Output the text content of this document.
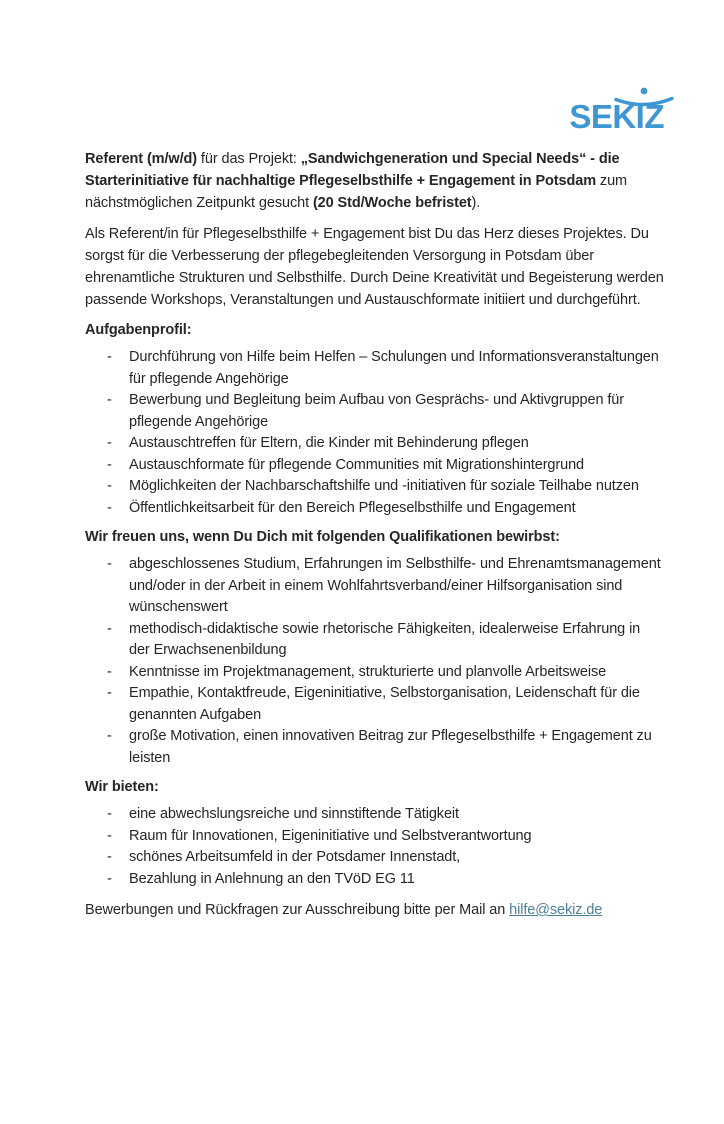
SEKIZ

Referent (m/w/d) für das Projekt: „Sandwichgeneration und Special Needs“ - die Starterinitiative für nachhaltige Pflegeselbsthilfe + Engagement in Potsdam zum nächstmöglichen Zeitpunkt gesucht (20 Std/Woche befristet).

Als Referent/in für Pflegeselbsthilfe + Engagement bist Du das Herz dieses Projektes. Du sorgst für die Verbesserung der pflegebegleitenden Versorgung in Potsdam über ehrenamtliche Strukturen und Selbsthilfe. Durch Deine Kreativität und Begeisterung werden passende Workshops, Veranstaltungen und Austauschformate initiiert und durchgeführt.

Aufgabenprofil:
-	Durchführung von Hilfe beim Helfen – Schulungen und Informationsveranstaltungen für pflegende Angehörige
-	Bewerbung und Begleitung beim Aufbau von Gesprächs- und Aktivgruppen für pflegende Angehörige
-	Austauschtreffen für Eltern, die Kinder mit Behinderung pflegen
-	Austauschformate für pflegende Communities mit Migrationshintergrund
-	Möglichkeiten der Nachbarschaftshilfe und -initiativen für soziale Teilhabe nutzen
-	Öffentlichkeitsarbeit für den Bereich Pflegeselbsthilfe und Engagement
Wir freuen uns, wenn Du Dich mit folgenden Qualifikationen bewirbst:
-	abgeschlossenes Studium, Erfahrungen im Selbsthilfe- und Ehrenamtsmanagement und/oder in der Arbeit in einem Wohlfahrtsverband/einer Hilfsorganisation sind wünschenswert
-	methodisch-didaktische sowie rhetorische Fähigkeiten, idealerweise Erfahrung in der Erwachsenenbildung
-	Kenntnisse im Projektmanagement, strukturierte und planvolle Arbeitsweise
-	Empathie, Kontaktfreude, Eigeninitiative, Selbstorganisation, Leidenschaft für die genannten Aufgaben
-	große Motivation, einen innovativen Beitrag zur Pflegeselbsthilfe + Engagement zu leisten
Wir bieten:
-	eine abwechslungsreiche und sinnstiftende Tätigkeit
-	Raum für Innovationen, Eigeninitiative und Selbstverantwortung
-	schönes Arbeitsumfeld in der Potsdamer Innenstadt,
-	Bezahlung in Anlehnung an den TVöD EG 11

Bewerbungen und Rückfragen zur Ausschreibung bitte per Mail an hilfe@sekiz.de
